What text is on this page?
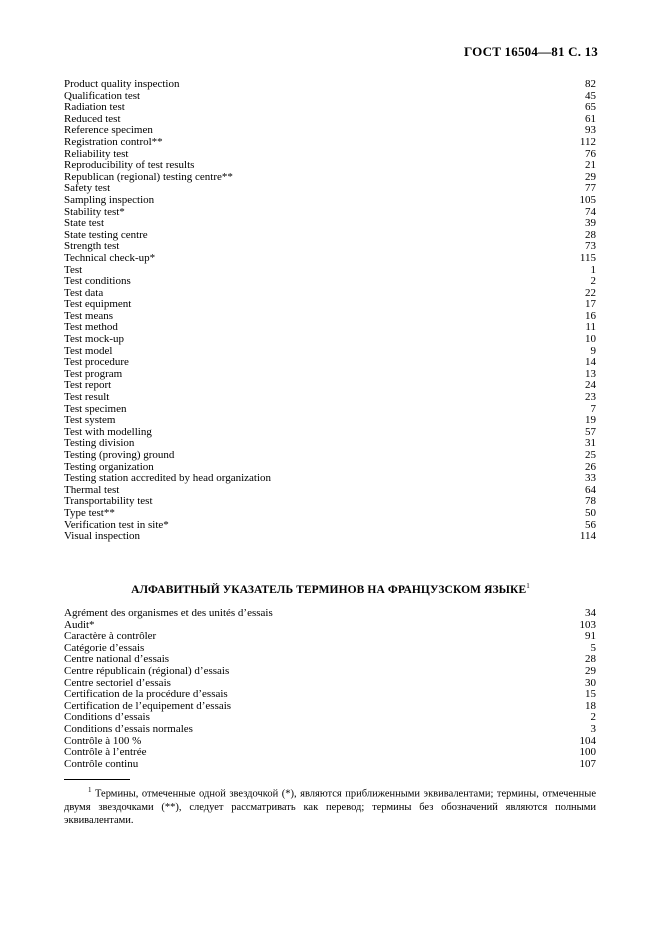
ГОСТ 16504—81 С. 13
Product quality inspection	82
Qualification test	45
Radiation test	65
Reduced test	61
Reference specimen	93
Registration control**	112
Reliability test	76
Reproducibility of test results	21
Republican (regional) testing centre**	29
Safety test	77
Sampling inspection	105
Stability test*	74
State test	39
State testing centre	28
Strength test	73
Technical check-up*	115
Test	1
Test conditions	2
Test data	22
Test equipment	17
Test means	16
Test method	11
Test mock-up	10
Test model	9
Test procedure	14
Test program	13
Test report	24
Test result	23
Test specimen	7
Test system	19
Test with modelling	57
Testing division	31
Testing (proving) ground	25
Testing organization	26
Testing station accredited by head organization	33
Thermal test	64
Transportability test	78
Type test**	50
Verification test in site*	56
Visual inspection	114
АЛФАВИТНЫЙ УКАЗАТЕЛЬ ТЕРМИНОВ НА ФРАНЦУЗСКОМ ЯЗЫКЕ$^1$
Agrément des organismes et des unités d’essais	34
Audit*	103
Caractère à contrôler	91
Catégorie d’essais	5
Centre national d’essais	28
Centre républicain (régional) d’essais	29
Centre sectoriel d’essais	30
Certification de la procédure d’essais	15
Certification de l’equipement d’essais	18
Conditions d’essais	2
Conditions d’essais normales	3
Contrôle à 100 %	104
Contrôle à l’entrée	100
Contrôle continu	107
$^1$ Термины, отмеченные одной звездочкой (*), являются приближенными эквивалентами; термины, отмеченные двумя звездочками (**), следует рассматривать как перевод; термины без обозначений являются полными эквивалентами.
